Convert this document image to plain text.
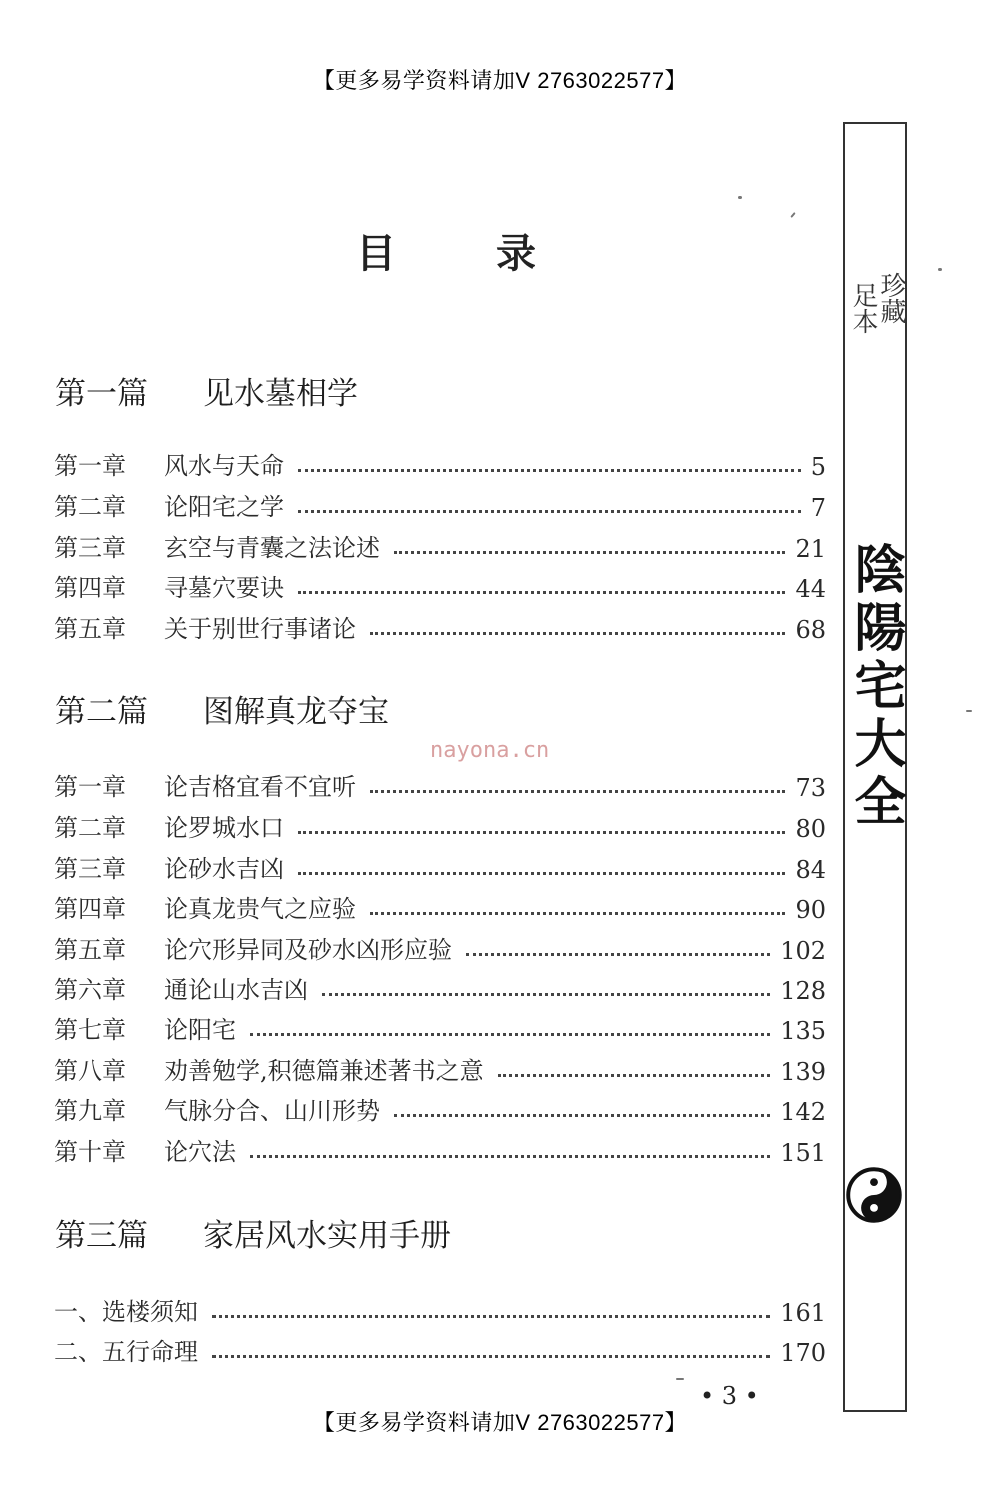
【更多易学资料请加V 2763022577】
目	录
第一篇 见水墓相学
第一章	风水与天命	5
第二章	论阳宅之学	7
第三章	玄空与青囊之法论述	21
第四章	寻墓穴要诀	44
第五章	关于别世行事诸论	68
第二篇 图解真龙夺宝
第一章	论吉格宜看不宜听	73
第二章	论罗城水口	80
第三章	论砂水吉凶	84
第四章	论真龙贵气之应验	90
第五章	论穴形异同及砂水凶形应验	102
第六章	通论山水吉凶	128
第七章	论阳宅	135
第八章	劝善勉学,积德篇兼述著书之意	139
第九章	气脉分合、山川形势	142
第十章	论穴法	151
第三篇 家居风水实用手册
一、选楼须知	161
二、五行命理	170
• 3 •
nayona.cn
珍藏
足本
陰陽宅大全
【更多易学资料请加V 2763022577】
